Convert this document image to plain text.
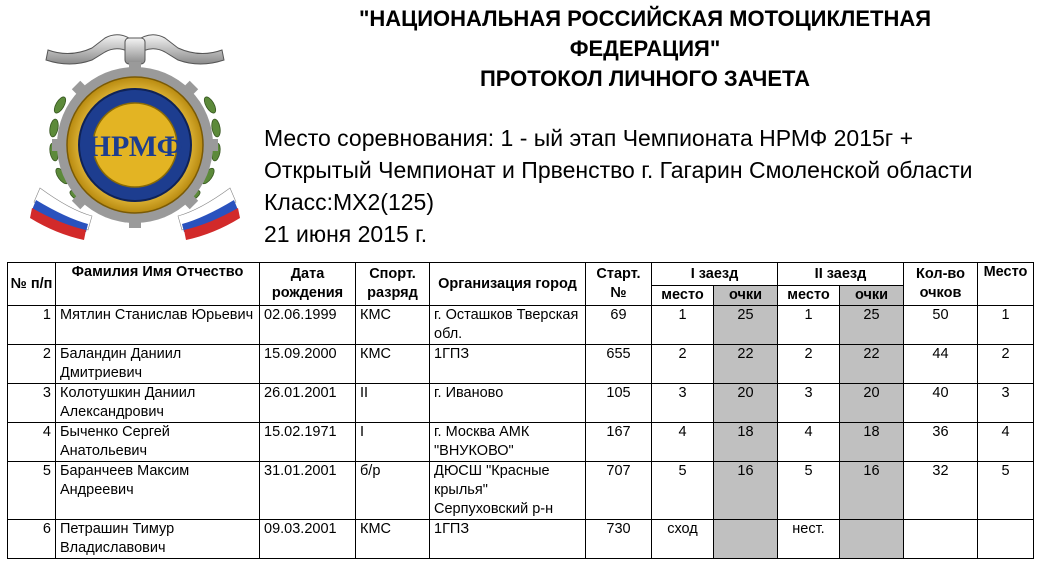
НРМФ
"НАЦИОНАЛЬНАЯ РОССИЙСКАЯ МОТОЦИКЛЕТНАЯ
ФЕДЕРАЦИЯ"
ПРОТОКОЛ ЛИЧНОГО ЗАЧЕТА
Место соревнования: 1 - ый этап Чемпионата НРМФ 2015г +
Открытый Чемпионат и Првенство г. Гагарин Смоленской области
Класс:МХ2(125)
21 июня 2015 г.
№ п/п	Фамилия Имя Отчество	Дата рождения	Спорт. разряд	Организация город	Старт. №	I заезд		II заезд		Кол-во очков	Место
						место	очки	место	очки		
1	Мятлин Станислав Юрьевич	02.06.1999	КМС	г. Осташков Тверская обл.	69	1	25	1	25	50	1
2	Баландин Даниил Дмитриевич	15.09.2000	КМС	1ГПЗ	655	2	22	2	22	44	2
3	Колотушкин Даниил Александрович	26.01.2001	II	г. Иваново	105	3	20	3	20	40	3
4	Быченко Сергей Анатольевич	15.02.1971	I	г. Москва АМК "ВНУКОВО"	167	4	18	4	18	36	4
5	Баранчеев Максим Андреевич	31.01.2001	б/р	ДЮСШ "Красные крылья" Серпуховский р-н	707	5	16	5	16	32	5
6	Петрашин Тимур Владиславович	09.03.2001	КМС	1ГПЗ	730	сход		нест.			
